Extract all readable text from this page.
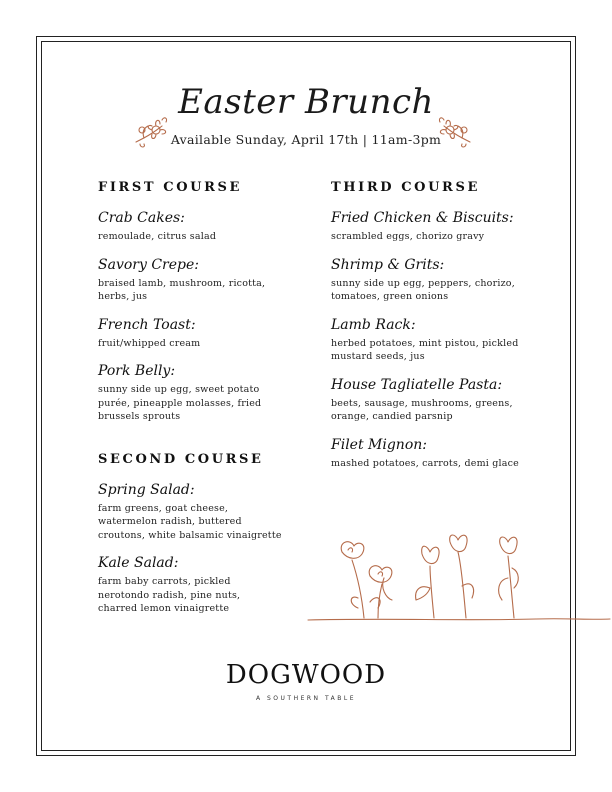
Easter Brunch
Available Sunday, April 17th | 11am-3pm
FIRST COURSE
Crab Cakes:
remoulade, citrus salad
Savory Crepe:
braised lamb, mushroom, ricotta, herbs, jus
French Toast:
fruit/whipped cream
Pork Belly:
sunny side up egg, sweet potato purée, pineapple molasses, fried brussels sprouts
SECOND COURSE
Spring Salad:
farm greens, goat cheese, watermelon radish, buttered croutons, white balsamic vinaigrette
Kale Salad:
farm baby carrots, pickled nerotondo radish, pine nuts, charred lemon vinaigrette
THIRD COURSE
Fried Chicken & Biscuits:
scrambled eggs, chorizo gravy
Shrimp & Grits:
sunny side up egg, peppers, chorizo, tomatoes, green onions
Lamb Rack:
herbed potatoes, mint pistou, pickled mustard seeds, jus
House Tagliatelle Pasta:
beets, sausage, mushrooms, greens, orange, candied parsnip
Filet Mignon:
mashed potatoes, carrots, demi glace
DOGWOOD
A SOUTHERN TABLE
